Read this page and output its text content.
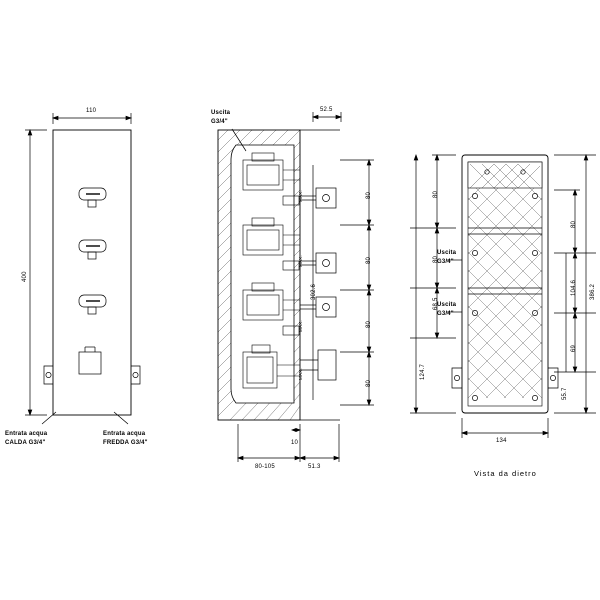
110
400
Entrata acqua
CALDA G3/4"
Entrata acqua
FREDDA G3/4"
Uscita
G3/4"
52.5
80
80
80
80
302.6
MAX.
MAX.
MAX.
MAX.
10
80-105	51.3
Uscita
G3/4"
Uscita
G3/4"
80
80
68.5
124.7
80
104.6 386.2
69
55.7
134
Vista da dietro
